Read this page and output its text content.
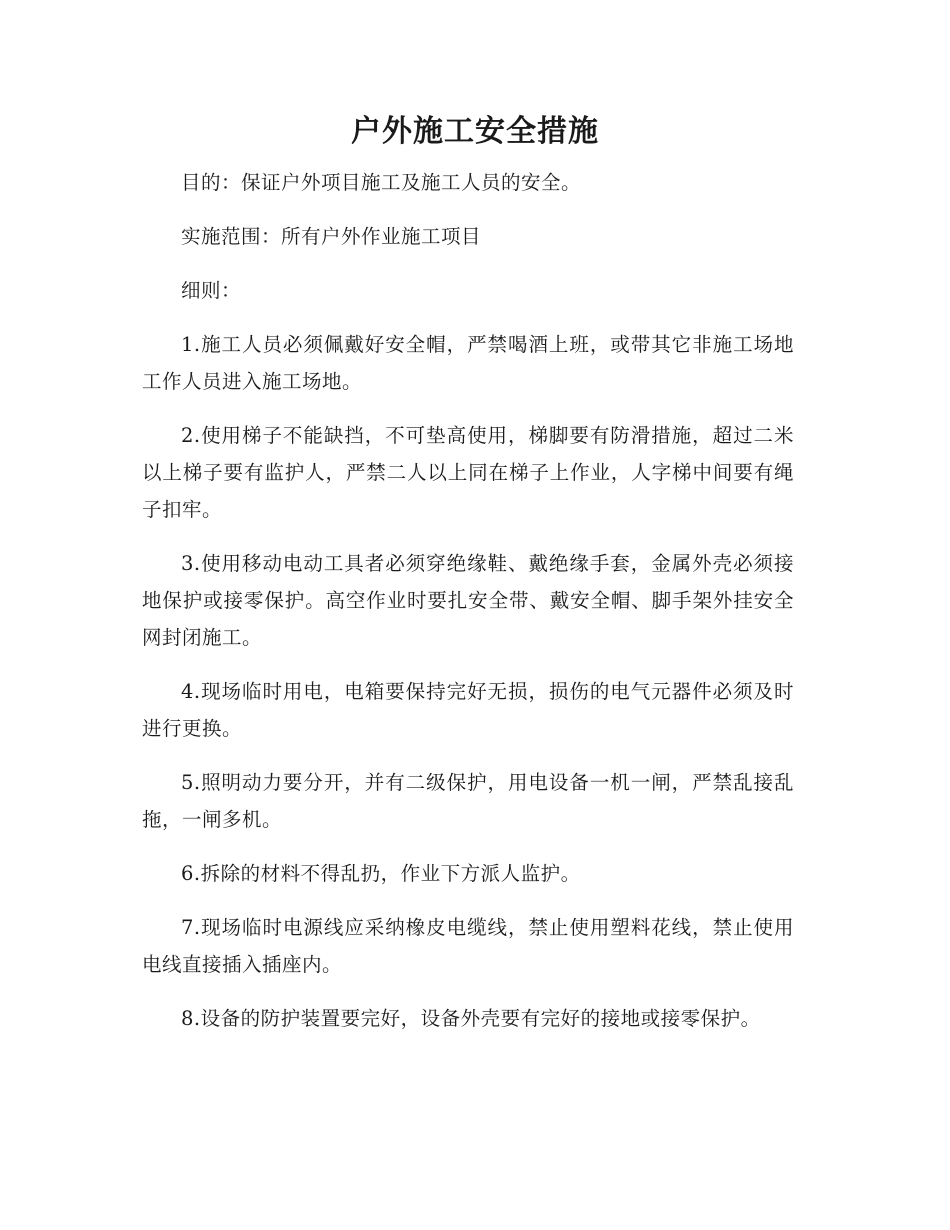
户外施工安全措施

目的：保证户外项目施工及施工人员的安全。

实施范围：所有户外作业施工项目

细则：

1.施工人员必须佩戴好安全帽，严禁喝酒上班，或带其它非施工场地工作人员进入施工场地。

2.使用梯子不能缺挡，不可垫高使用，梯脚要有防滑措施，超过二米以上梯子要有监护人，严禁二人以上同在梯子上作业，人字梯中间要有绳子扣牢。

3.使用移动电动工具者必须穿绝缘鞋、戴绝缘手套，金属外壳必须接地保护或接零保护。高空作业时要扎安全带、戴安全帽、脚手架外挂安全网封闭施工。

4.现场临时用电，电箱要保持完好无损，损伤的电气元器件必须及时进行更换。

5.照明动力要分开，并有二级保护，用电设备一机一闸，严禁乱接乱拖，一闸多机。

6.拆除的材料不得乱扔，作业下方派人监护。

7.现场临时电源线应采纳橡皮电缆线，禁止使用塑料花线，禁止使用电线直接插入插座内。

8.设备的防护装置要完好，设备外壳要有完好的接地或接零保护。
